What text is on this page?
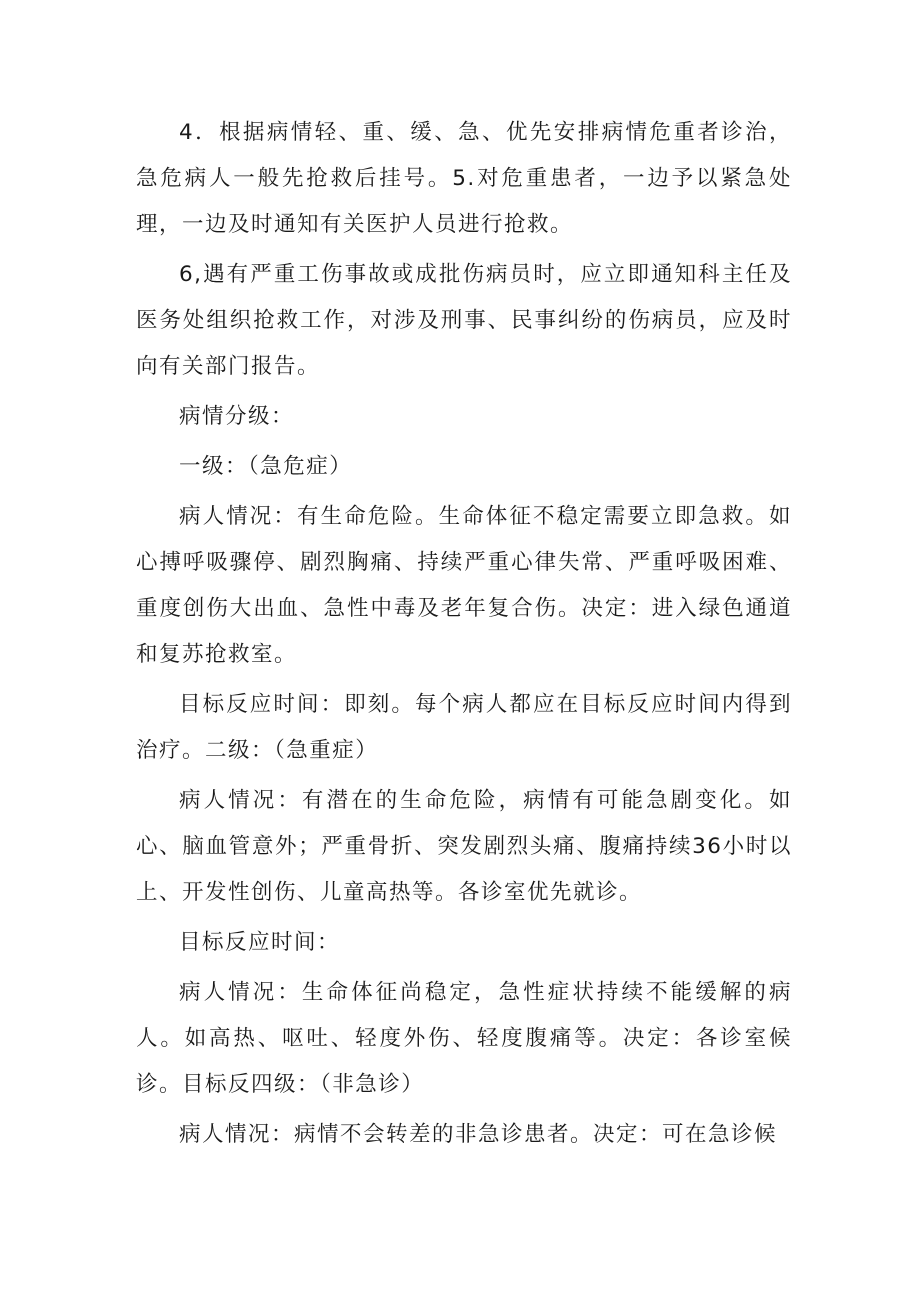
4．根据病情轻、重、缓、急、优先安排病情危重者诊治，急危病人一般先抢救后挂号。5.对危重患者，一边予以紧急处理，一边及时通知有关医护人员进行抢救。

6,遇有严重工伤事故或成批伤病员时，应立即通知科主任及医务处组织抢救工作，对涉及刑事、民事纠纷的伤病员，应及时向有关部门报告。

病情分级：

一级：（急危症）

病人情况：有生命危险。生命体征不稳定需要立即急救。如心搏呼吸骤停、剧烈胸痛、持续严重心律失常、严重呼吸困难、重度创伤大出血、急性中毒及老年复合伤。决定：进入绿色通道和复苏抢救室。

目标反应时间：即刻。每个病人都应在目标反应时间内得到治疗。二级：（急重症）

病人情况：有潜在的生命危险，病情有可能急剧变化。如心、脑血管意外；严重骨折、突发剧烈头痛、腹痛持续36小时以上、开发性创伤、儿童高热等。各诊室优先就诊。

目标反应时间：

病人情况：生命体征尚稳定，急性症状持续不能缓解的病人。如高热、呕吐、轻度外伤、轻度腹痛等。决定：各诊室候诊。目标反四级：（非急诊）

病人情况：病情不会转差的非急诊患者。决定：可在急诊候
